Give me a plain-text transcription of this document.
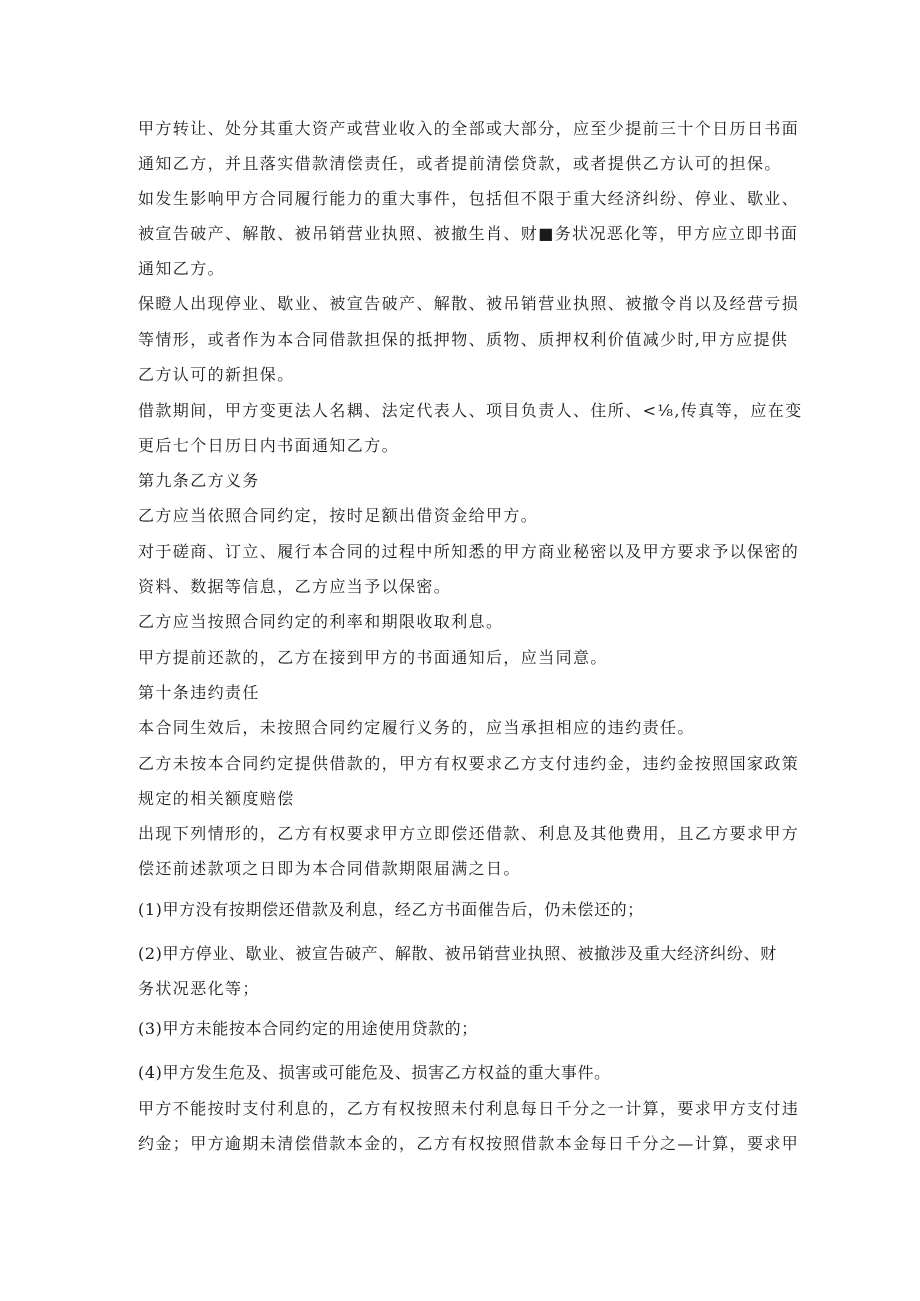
甲方转让、处分其重大资产或营业收入的全部或大部分，应至少提前三十个日历日书面
通知乙方，并且落实借款清偿责任，或者提前清偿贷款，或者提供乙方认可的担保。
如发生影响甲方合同履行能力的重大事件，包括但不限于重大经济纠纷、停业、歇业、
被宣告破产、解散、被吊销营业执照、被撤生肖、财■务状况恶化等，甲方应立即书面
通知乙方。
保瞪人出现停业、歇业、被宣告破产、解散、被吊销营业执照、被撤令肖以及经营亏损
等情形，或者作为本合同借款担保的抵押物、质物、质押权利价值减少时,甲方应提供
乙方认可的新担保。
借款期间，甲方变更法人名耦、法定代表人、项目负责人、住所、<⅛,传真等，应在变
更后七个日历日内书面通知乙方。
第九条乙方义务
乙方应当依照合同约定，按时足额出借资金给甲方。
对于磋商、订立、履行本合同的过程中所知悉的甲方商业秘密以及甲方要求予以保密的
资料、数据等信息，乙方应当予以保密。
乙方应当按照合同约定的利率和期限收取利息。
甲方提前还款的，乙方在接到甲方的书面通知后，应当同意。
第十条违约责任
本合同生效后，未按照合同约定履行义务的，应当承担相应的违约责任。
乙方未按本合同约定提供借款的，甲方有权要求乙方支付违约金，违约金按照国家政策
规定的相关额度赔偿
出现下列情形的，乙方有权要求甲方立即偿还借款、利息及其他费用，且乙方要求甲方
偿还前述款项之日即为本合同借款期限届满之日。
(1)甲方没有按期偿还借款及利息，经乙方书面催告后，仍未偿还的；
(2)甲方停业、歇业、被宣告破产、解散、被吊销营业执照、被撤涉及重大经济纠纷、财
务状况恶化等；
(3)甲方未能按本合同约定的用途使用贷款的；
(4)甲方发生危及、损害或可能危及、损害乙方权益的重大事件。
甲方不能按时支付利息的，乙方有权按照未付利息每日千分之一计算，要求甲方支付违
约金；甲方逾期未清偿借款本金的，乙方有权按照借款本金每日千分之—计算，要求甲
